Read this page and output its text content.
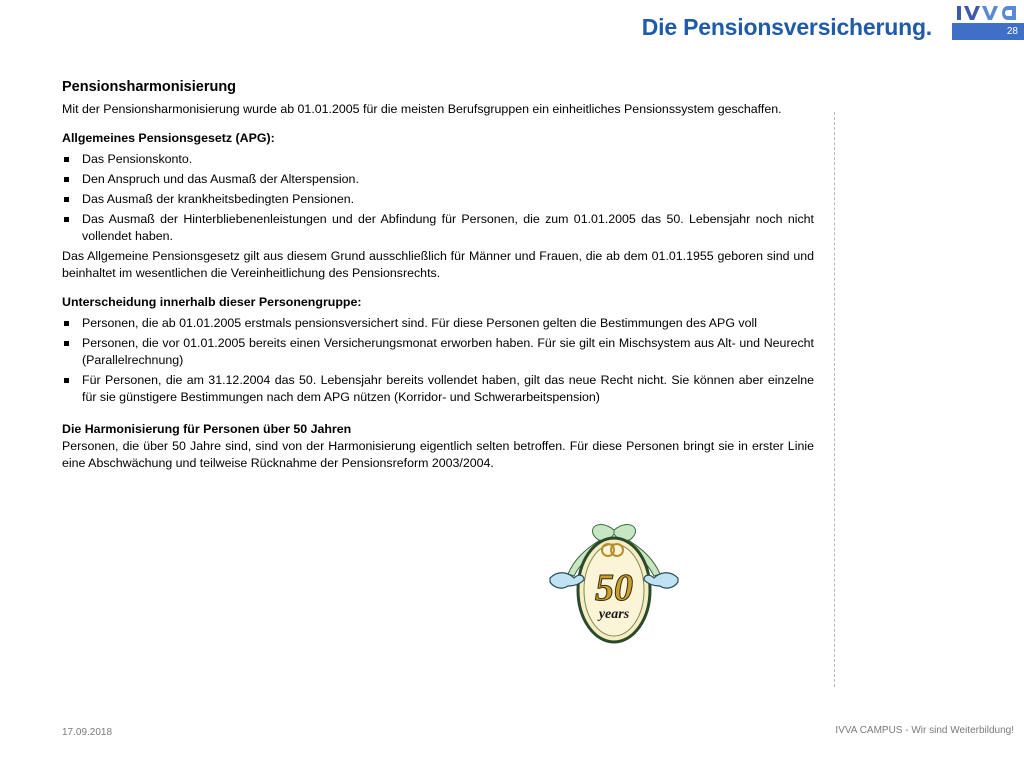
Die Pensionsversicherung.	28
Pensionsharmonisierung

Mit der Pensionsharmonisierung wurde ab 01.01.2005 für die meisten Berufsgruppen ein einheitliches Pensionssystem geschaffen.

Allgemeines Pensionsgesetz (APG):
Das Pensionskonto.
Den Anspruch und das Ausmaß der Alterspension.
Das Ausmaß der krankheitsbedingten Pensionen.
Das Ausmaß der Hinterbliebenenleistungen und der Abfindung für Personen, die zum 01.01.2005 das 50. Lebensjahr noch nicht vollendet haben.

Das Allgemeine Pensionsgesetz gilt aus diesem Grund ausschließlich für Männer und Frauen, die ab dem 01.01.1955 geboren sind und beinhaltet im wesentlichen die Vereinheitlichung des Pensionsrechts.

Unterscheidung innerhalb dieser Personengruppe:
Personen, die ab 01.01.2005 erstmals pensionsversichert sind. Für diese Personen gelten die Bestimmungen des APG voll
Personen, die vor 01.01.2005 bereits einen Versicherungsmonat erworben haben. Für sie gilt ein Mischsystem aus Alt- und Neurecht (Parallelrechnung)
Für Personen, die am 31.12.2004 das 50. Lebensjahr bereits vollendet haben, gilt das neue Recht nicht. Sie können aber einzelne für sie günstigere Bestimmungen nach dem APG nützen (Korridor- und Schwerarbeitspension)
Die Harmonisierung für Personen über 50 Jahren

Personen, die über 50 Jahre sind, sind von der Harmonisierung eigentlich selten betroffen. Für diese Personen bringt sie in erster Linie eine Abschwächung und teilweise Rücknahme der Pensionsreform 2003/2004.

50
years
17.09.2018	IVVA CAMPUS - Wir sind Weiterbildung!
